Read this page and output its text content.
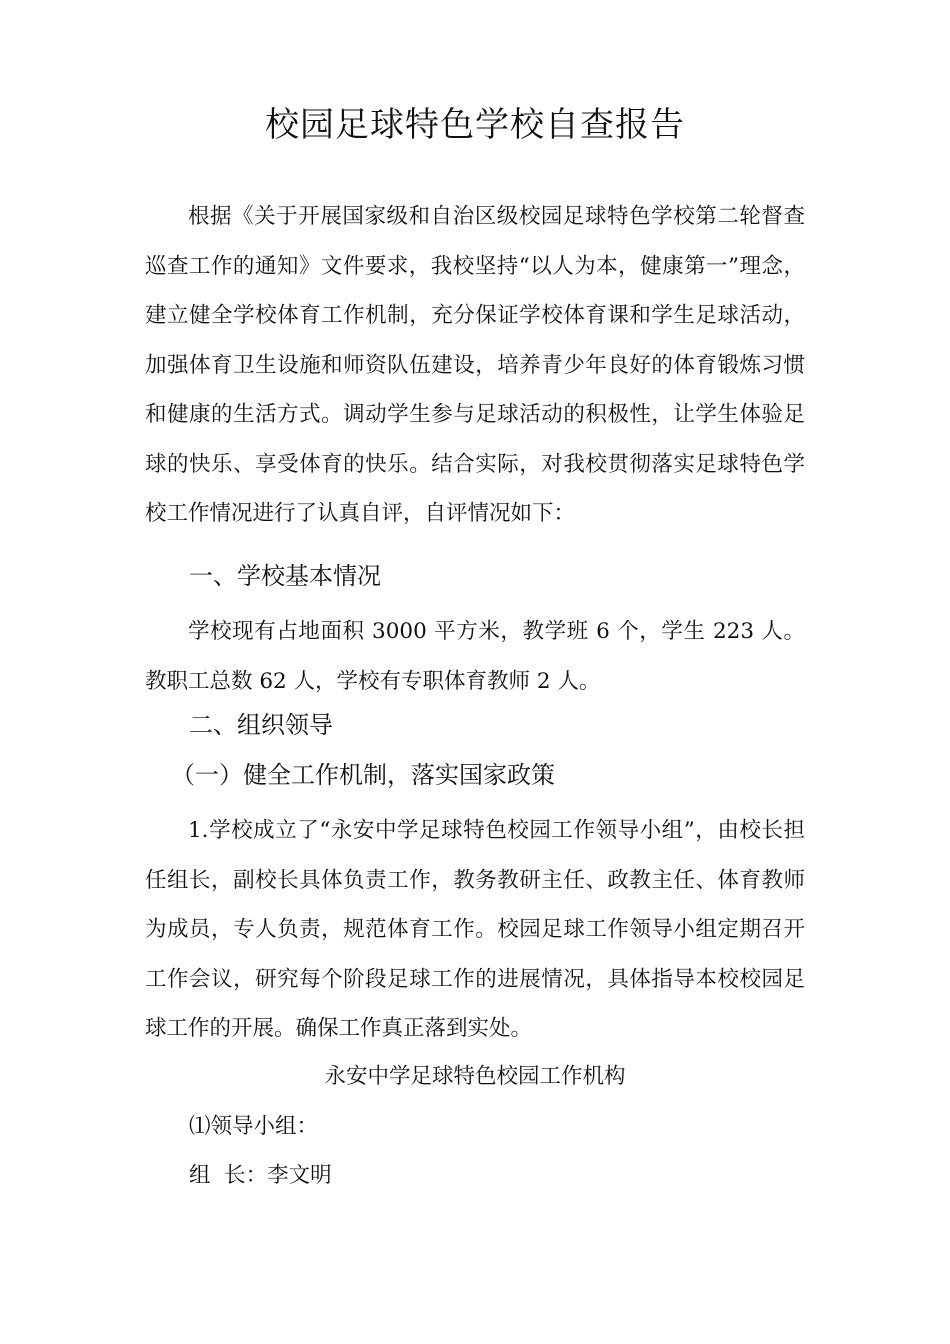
校园足球特色学校自查报告

根据《关于开展国家级和自治区级校园足球特色学校第二轮督查巡查工作的通知》文件要求，我校坚持“以人为本，健康第一”理念，建立健全学校体育工作机制，充分保证学校体育课和学生足球活动，加强体育卫生设施和师资队伍建设，培养青少年良好的体育锻炼习惯和健康的生活方式。调动学生参与足球活动的积极性，让学生体验足球的快乐、享受体育的快乐。结合实际，对我校贯彻落实足球特色学校工作情况进行了认真自评，自评情况如下：

一、学校基本情况

学校现有占地面积 3000 平方米，教学班 6 个，学生 223 人。教职工总数 62 人，学校有专职体育教师 2 人。

二、组织领导

（一）健全工作机制，落实国家政策

1.学校成立了“永安中学足球特色校园工作领导小组”，由校长担任组长，副校长具体负责工作，教务教研主任、政教主任、体育教师为成员，专人负责，规范体育工作。校园足球工作领导小组定期召开工作会议，研究每个阶段足球工作的进展情况，具体指导本校校园足球工作的开展。确保工作真正落到实处。

永安中学足球特色校园工作机构

⑴领导小组：

组  长：李文明
